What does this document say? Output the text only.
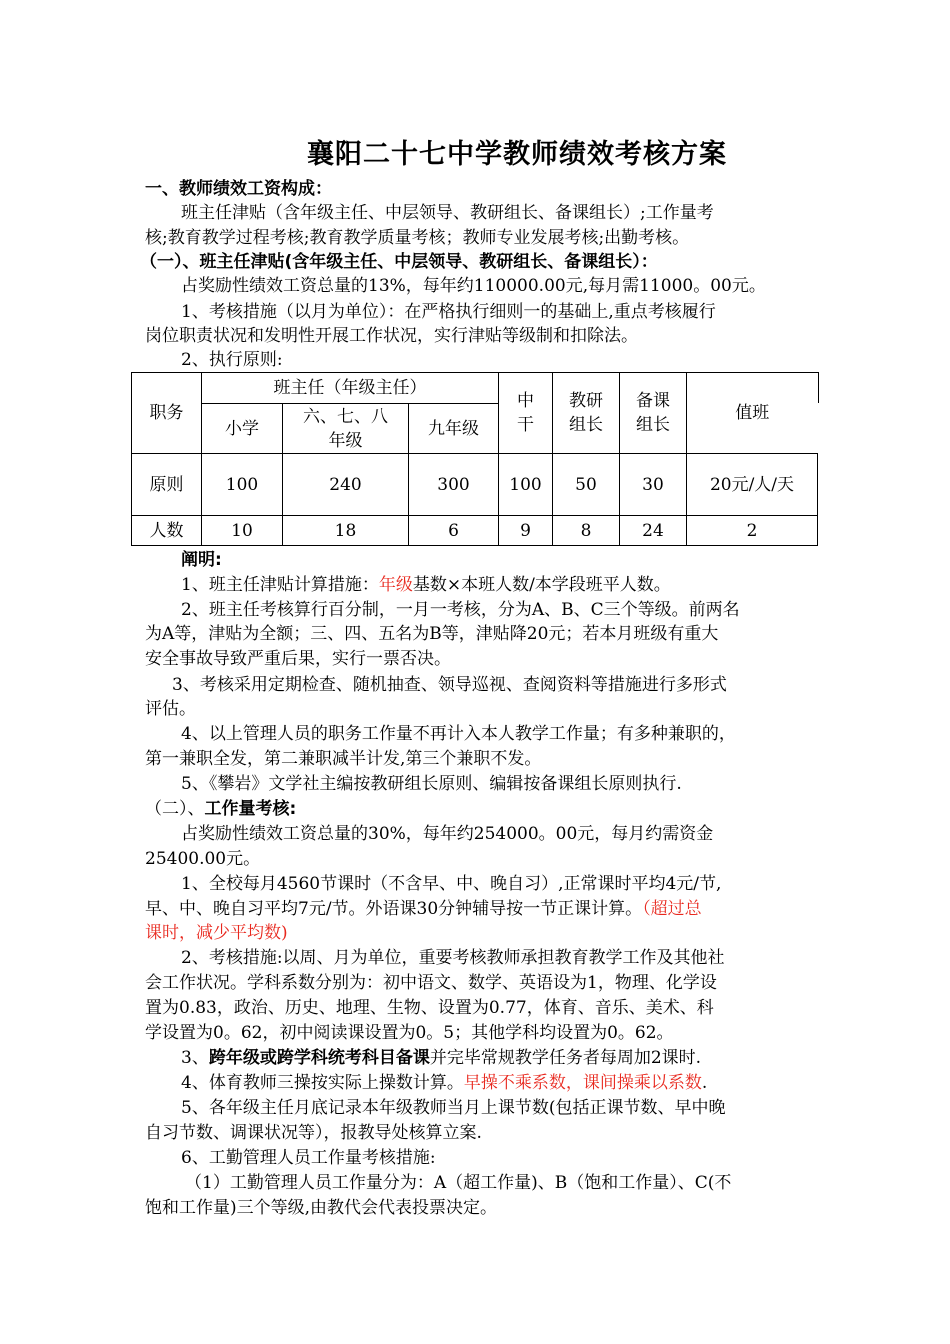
襄阳二十七中学教师绩效考核方案
一、教师绩效工资构成：
班主任津贴（含年级主任、中层领导、教研组长、备课组长）;工作量考
核;教育教学过程考核;教育教学质量考核；教师专业发展考核;出勤考核。
（一）、班主任津贴(含年级主任、中层领导、教研组长、备课组长）：
占奖励性绩效工资总量的13%，每年约110000.00元,每月需11000。00元。
1、考核措施（以月为单位）：在严格执行细则一的基础上,重点考核履行
岗位职责状况和发明性开展工作状况，实行津贴等级制和扣除法。
2、执行原则:
职务	班主任（年级主任）			中干	教研组长	备课组长	值班
	小学	六、七、八年级	九年级				
原则	100	240	300	100	50	30	20元/人/天
人数	10	18	6	9	8	24	2
阐明:
1、班主任津贴计算措施：年级基数×本班人数/本学段班平人数。
2、班主任考核算行百分制，一月一考核，分为A、B、C三个等级。前两名
为A等，津贴为全额；三、四、五名为B等，津贴降20元；若本月班级有重大
安全事故导致严重后果，实行一票否决。
3、考核采用定期检查、随机抽查、领导巡视、查阅资料等措施进行多形式
评估。
4、以上管理人员的职务工作量不再计入本人教学工作量；有多种兼职的，
第一兼职全发，第二兼职减半计发,第三个兼职不发。
5、《攀岩》文学社主编按教研组长原则、编辑按备课组长原则执行.
（二）、工作量考核:
占奖励性绩效工资总量的30%，每年约254000。00元，每月约需资金
25400.00元。
1、全校每月4560节课时（不含早、中、晚自习）,正常课时平均4元/节,
早、中、晚自习平均7元/节。外语课30分钟辅导按一节正课计算。（超过总
课时，减少平均数)
2、考核措施:以周、月为单位，重要考核教师承担教育教学工作及其他社
会工作状况。学科系数分别为：初中语文、数学、英语设为1，物理、化学设
置为0.83，政治、历史、地理、生物、设置为0.77，体育、音乐、美术、科
学设置为0。62，初中阅读课设置为0。5；其他学科均设置为0。62。
3、跨年级或跨学科统考科目备课并完毕常规教学任务者每周加2课时.
4、体育教师三操按实际上操数计算。早操不乘系数，课间操乘以系数.
5、各年级主任月底记录本年级教师当月上课节数(包括正课节数、早中晚
自习节数、调课状况等），报教导处核算立案.
6、工勤管理人员工作量考核措施:
（1）工勤管理人员工作量分为：A（超工作量)、B（饱和工作量）、C(不
饱和工作量)三个等级,由教代会代表投票决定。
